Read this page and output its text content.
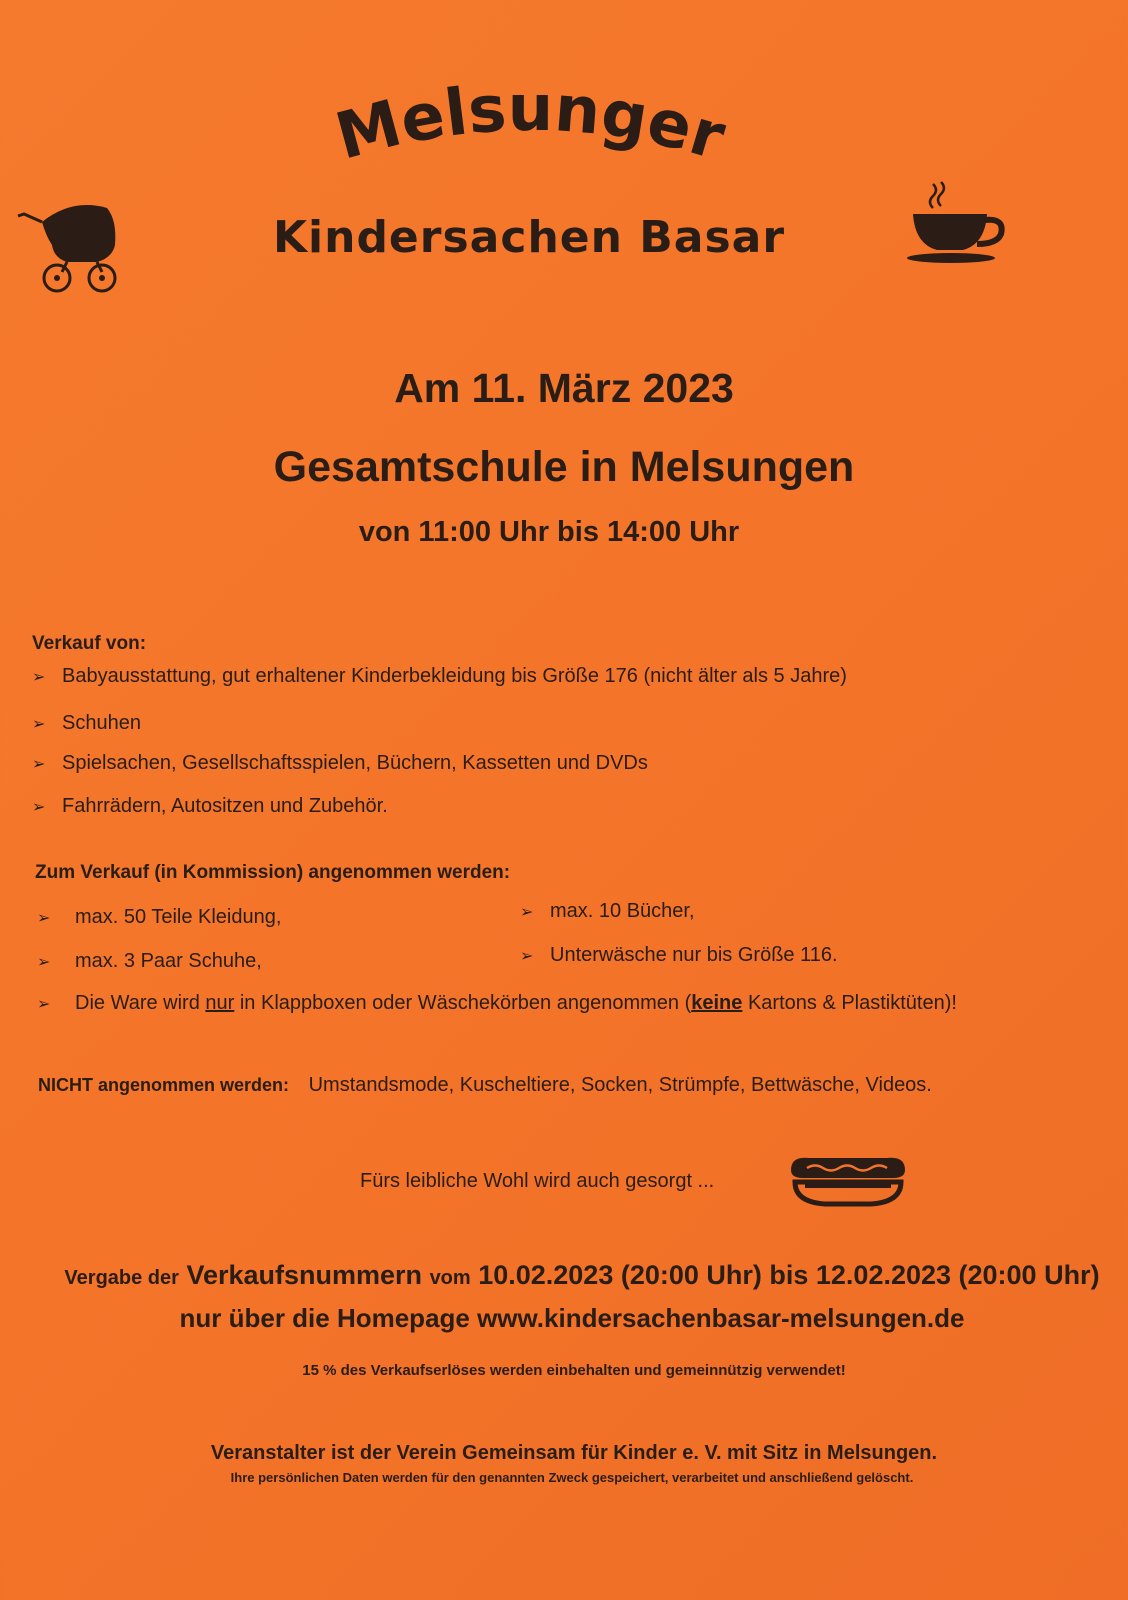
Melsunger
Kindersachen Basar
Am 11. März 2023
Gesamtschule in Melsungen
von 11:00 Uhr bis 14:00 Uhr
Verkauf von:
➢ Babyausstattung, gut erhaltener Kinderbekleidung bis Größe 176 (nicht älter als 5 Jahre)
➢ Schuhen
➢ Spielsachen, Gesellschaftsspielen, Büchern, Kassetten und DVDs
➢ Fahrrädern, Autositzen und Zubehör.
Zum Verkauf (in Kommission) angenommen werden:
➢	max. 50 Teile Kleidung,
➢	max. 3 Paar Schuhe,
➢ max. 10 Bücher,
➢ Unterwäsche nur bis Größe 116.
➢	Die Ware wird nur in Klappboxen oder Wäschekörben angenommen (keine Kartons & Plastiktüten)!
NICHT angenommen werden: Umstandsmode, Kuscheltiere, Socken, Strümpfe, Bettwäsche, Videos.
Fürs leibliche Wohl wird auch gesorgt ...
Vergabe der Verkaufsnummern vom 10.02.2023 (20:00 Uhr) bis 12.02.2023 (20:00 Uhr)
nur über die Homepage www.kindersachenbasar-melsungen.de
15 % des Verkaufserlöses werden einbehalten und gemeinnützig verwendet!
Veranstalter ist der Verein Gemeinsam für Kinder e. V. mit Sitz in Melsungen.
Ihre persönlichen Daten werden für den genannten Zweck gespeichert, verarbeitet und anschließend gelöscht.
